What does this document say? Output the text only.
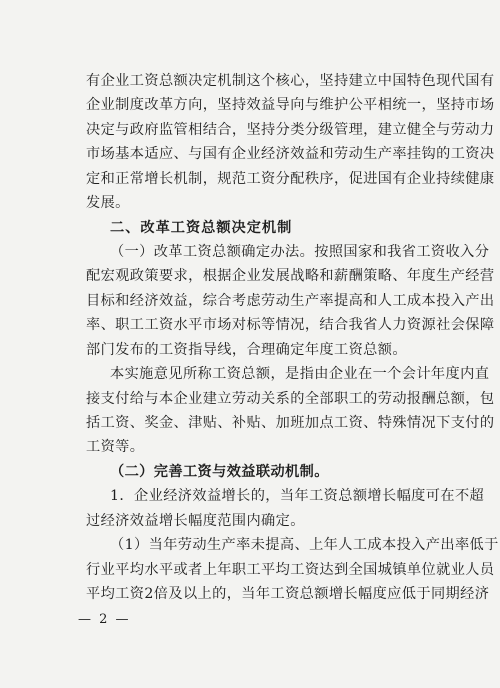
有企业工资总额决定机制这个核心，坚持建立中国特色现代国有
企业制度改革方向，坚持效益导向与维护公平相统一，坚持市场
决定与政府监管相结合，坚持分类分级管理，建立健全与劳动力
市场基本适应、与国有企业经济效益和劳动生产率挂钩的工资决
定和正常增长机制，规范工资分配秩序，促进国有企业持续健康
发展。
二、改革工资总额决定机制
（一）改革工资总额确定办法。按照国家和我省工资收入分
配宏观政策要求，根据企业发展战略和薪酬策略、年度生产经营
目标和经济效益，综合考虑劳动生产率提高和人工成本投入产出
率、职工工资水平市场对标等情况，结合我省人力资源社会保障
部门发布的工资指导线，合理确定年度工资总额。
本实施意见所称工资总额，是指由企业在一个会计年度内直
接支付给与本企业建立劳动关系的全部职工的劳动报酬总额，包
括工资、奖金、津贴、补贴、加班加点工资、特殊情况下支付的
工资等。
（二）完善工资与效益联动机制。
1．企业经济效益增长的，当年工资总额增长幅度可在不超
过经济效益增长幅度范围内确定。
（1）当年劳动生产率未提高、上年人工成本投入产出率低于
行业平均水平或者上年职工平均工资达到全国城镇单位就业人员
平均工资2倍及以上的，当年工资总额增长幅度应低于同期经济
— 2 —
